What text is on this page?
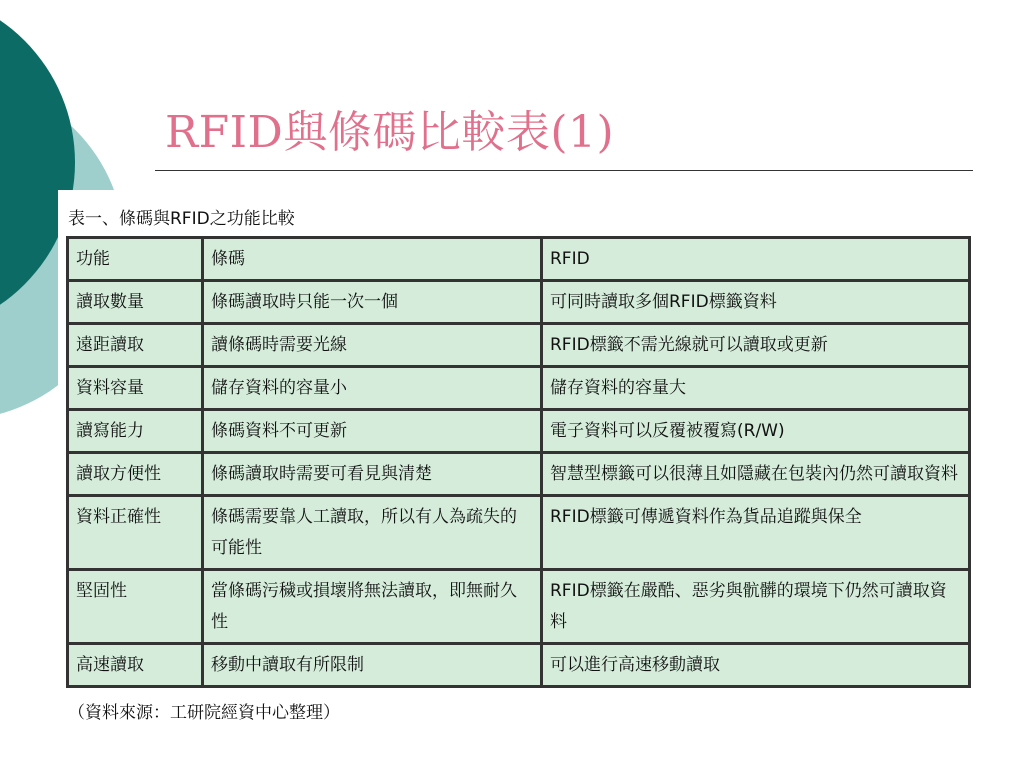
RFID與條碼比較表(1)
表一、條碼與RFID之功能比較
功能	條碼	RFID
讀取數量	條碼讀取時只能一次一個	可同時讀取多個RFID標籤資料
遠距讀取	讀條碼時需要光線	RFID標籤不需光線就可以讀取或更新
資料容量	儲存資料的容量小	儲存資料的容量大
讀寫能力	條碼資料不可更新	電子資料可以反覆被覆寫(R/W)
讀取方便性	條碼讀取時需要可看見與清楚	智慧型標籤可以很薄且如隱藏在包裝內仍然可讀取資料
資料正確性	條碼需要靠人工讀取，所以有人為疏失的可能性	RFID標籤可傳遞資料作為貨品追蹤與保全
堅固性	當條碼污穢或損壞將無法讀取，即無耐久性	RFID標籤在嚴酷、惡劣與骯髒的環境下仍然可讀取資料
高速讀取	移動中讀取有所限制	可以進行高速移動讀取
（資料來源：工研院經資中心整理）
